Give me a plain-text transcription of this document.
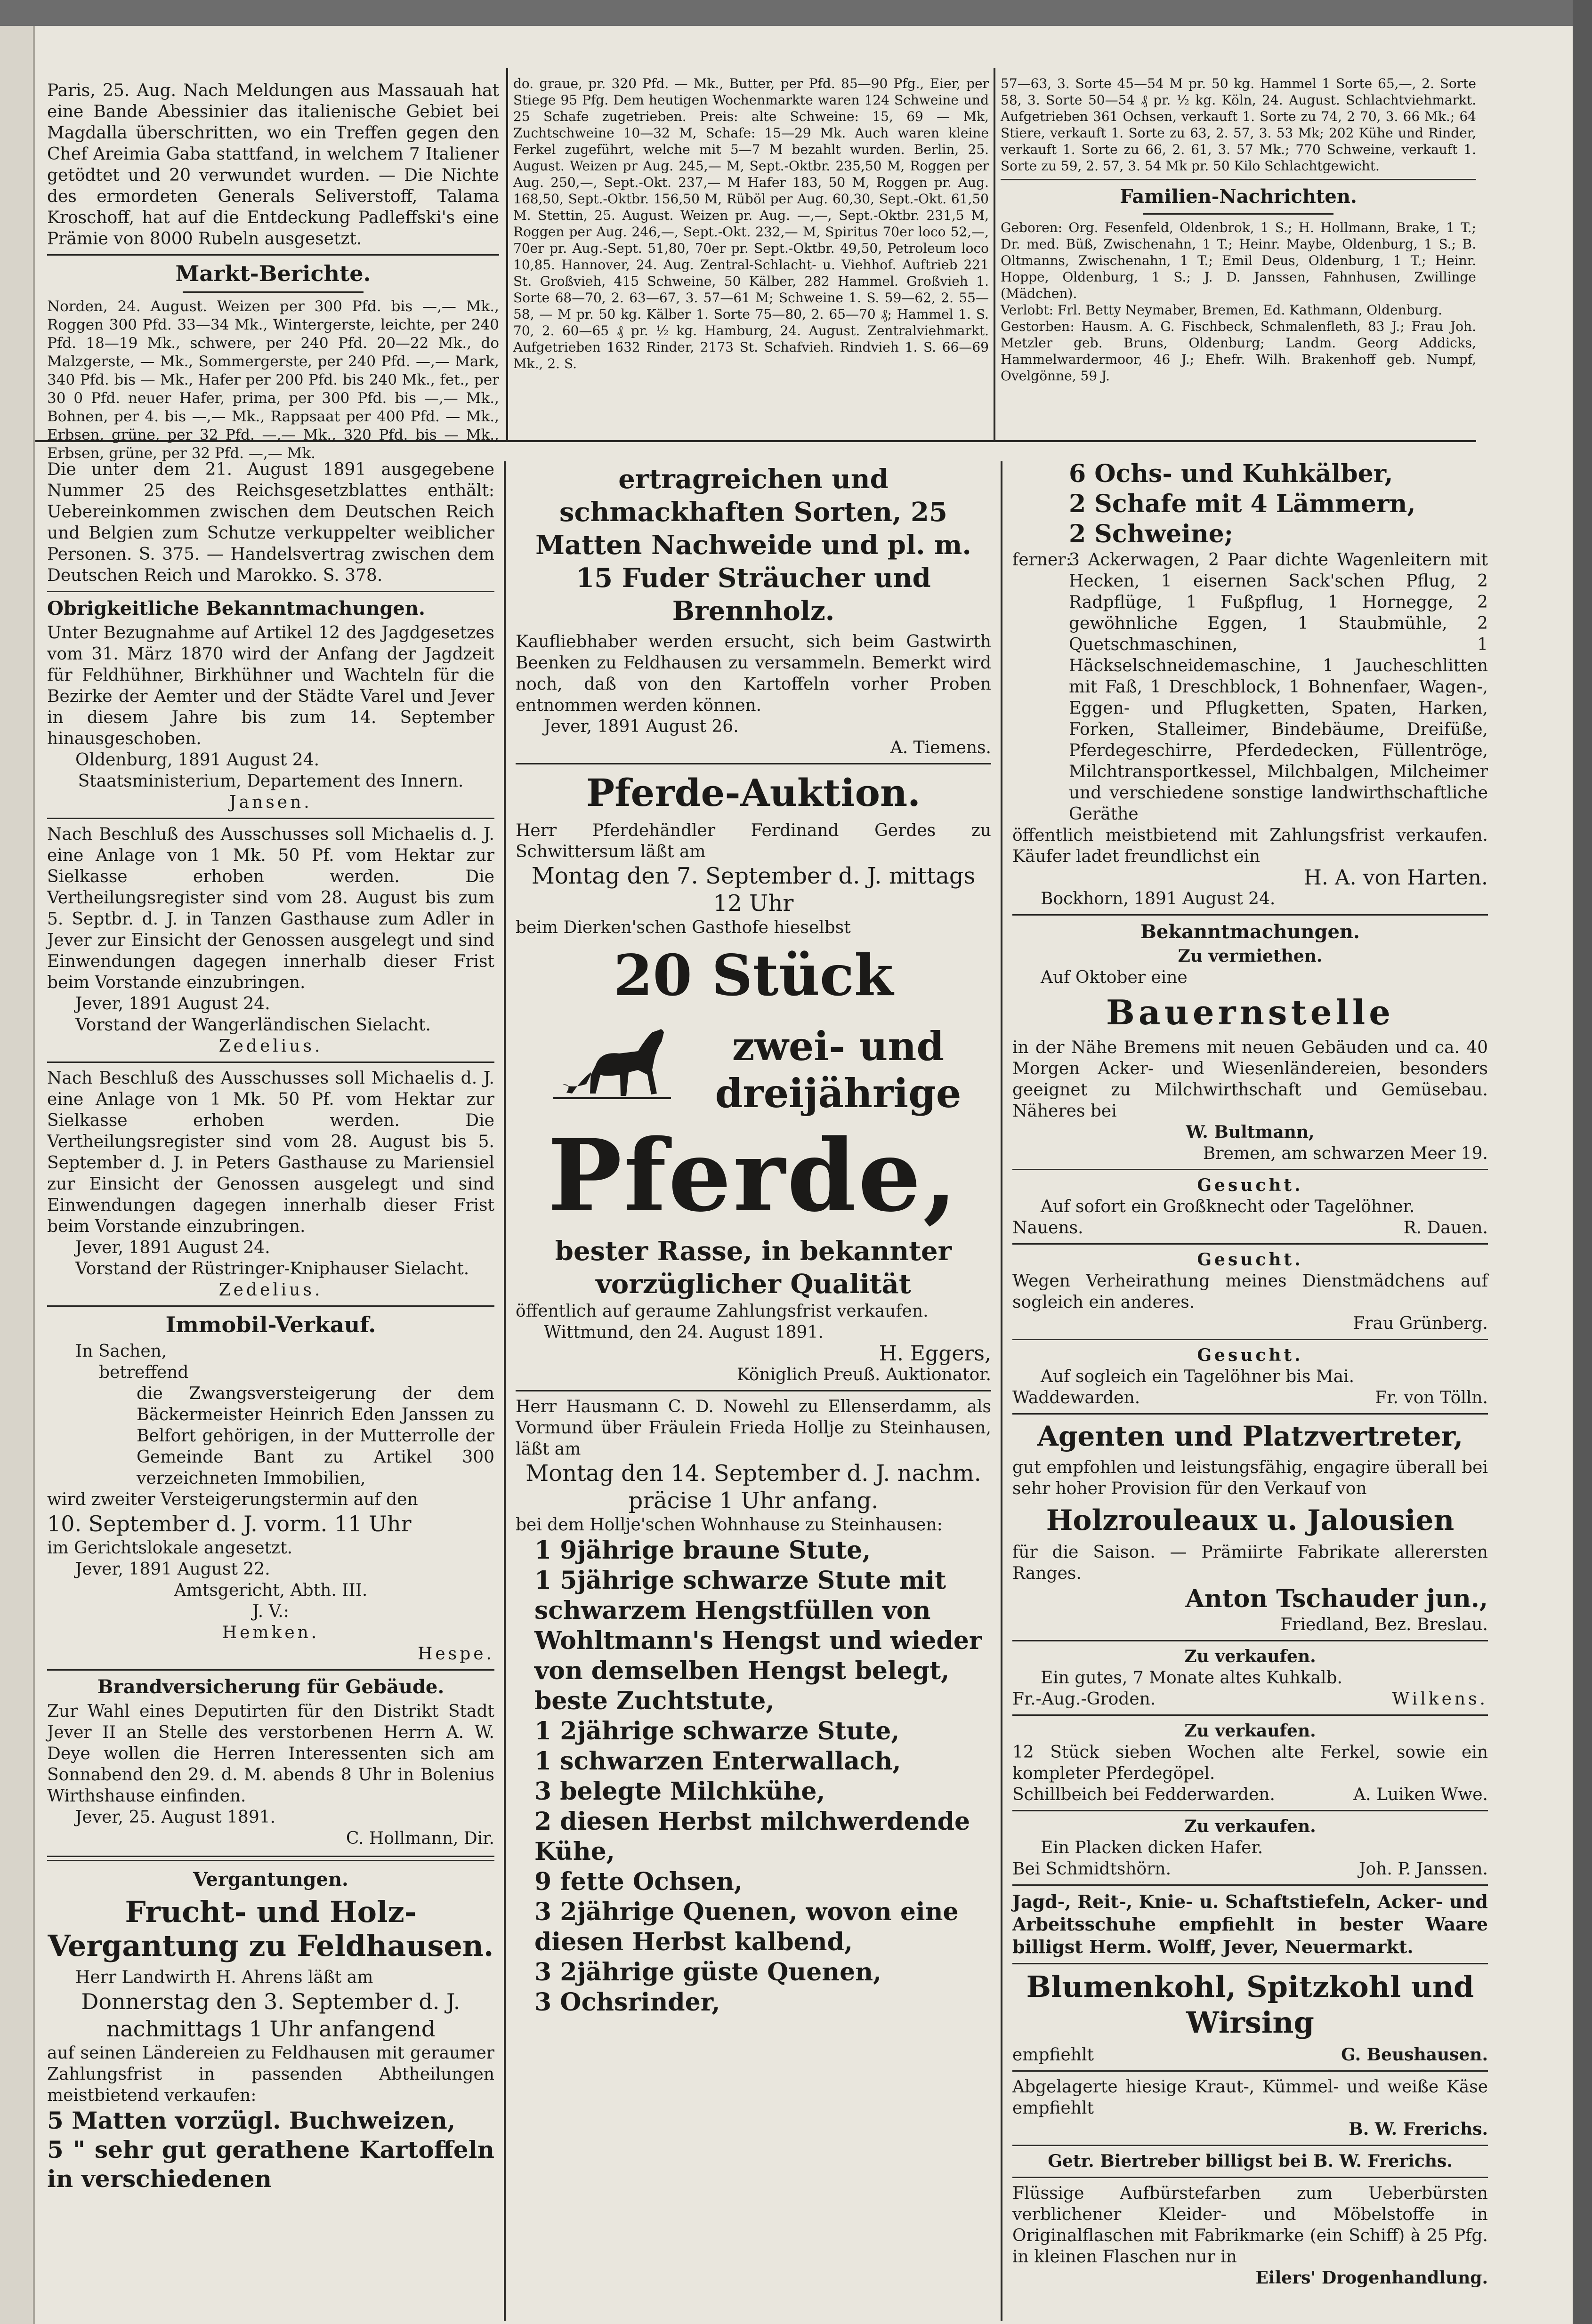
Paris, 25. Aug. Nach Meldungen aus Massauah hat eine Bande Abessinier das italienische Gebiet bei Magdalla überschritten, wo ein Treffen gegen den Chef Areimia Gaba stattfand, in welchem 7 Italiener getödtet und 20 verwundet wurden. — Die Nichte des ermordeten Generals Seliverstoff, Talama Kroschoff, hat auf die Entdeckung Padleffski's eine Prämie von 8000 Rubeln ausgesetzt.

Markt-Berichte.

Norden, 24. August. Weizen per 300 Pfd. bis —,— Mk., Roggen 300 Pfd. 33—34 Mk., Wintergerste, leichte, per 240 Pfd. 18—19 Mk., schwere, per 240 Pfd. 20—22 Mk., do Malzgerste, — Mk., Sommergerste, per 240 Pfd. —,— Mark, 340 Pfd. bis — Mk., Hafer per 200 Pfd. bis 240 Mk., fet., per 30 0 Pfd. neuer Hafer, prima, per 300 Pfd. bis —,— Mk., Bohnen, per 4. bis —,— Mk., Rappsaat per 400 Pfd. — Mk., Erbsen, grüne, per 32 Pfd. —,— Mk., 320 Pfd. bis — Mk., Erbsen, grüne, per 32 Pfd. —,— Mk.

do. graue, pr. 320 Pfd. — Mk., Butter, per Pfd. 85—90 Pfg., Eier, per Stiege 95 Pfg. Dem heutigen Wochenmarkte waren 124 Schweine und 25 Schafe zugetrieben. Preis: alte Schweine: 15, 69 — Mk, Zuchtschweine 10—32 M, Schafe: 15—29 Mk. Auch waren kleine Ferkel zugeführt, welche mit 5—7 M bezahlt wurden. Berlin, 25. August. Weizen pr Aug. 245,— M, Sept.-Oktbr. 235,50 M, Roggen per Aug. 250,—, Sept.-Okt. 237,— M Hafer 183, 50 M, Roggen pr. Aug. 168,50, Sept.-Oktbr. 156,50 M, Rüböl per Aug. 60,30, Sept.-Okt. 61,50 M. Stettin, 25. August. Weizen pr. Aug. —,—, Sept.-Oktbr. 231,5 M, Roggen per Aug. 246,—, Sept.-Okt. 232,— M, Spiritus 70er loco 52,—, 70er pr. Aug.-Sept. 51,80, 70er pr. Sept.-Oktbr. 49,50, Petroleum loco 10,85. Hannover, 24. Aug. Zentral-Schlacht- u. Viehhof. Auftrieb 221 St. Großvieh, 415 Schweine, 50 Kälber, 282 Hammel. Großvieh 1. Sorte 68—70, 2. 63—67, 3. 57—61 M; Schweine 1. S. 59—62, 2. 55—58, — M pr. 50 kg. Kälber 1. Sorte 75—80, 2. 65—70 ₰; Hammel 1. S. 70, 2. 60—65 ₰ pr. ½ kg. Hamburg, 24. August. Zentralviehmarkt. Aufgetrieben 1632 Rinder, 2173 St. Schafvieh. Rindvieh 1. S. 66—69 Mk., 2. S.

57—63, 3. Sorte 45—54 M pr. 50 kg. Hammel 1 Sorte 65,—, 2. Sorte 58, 3. Sorte 50—54 ₰ pr. ½ kg. Köln, 24. August. Schlachtviehmarkt. Aufgetrieben 361 Ochsen, verkauft 1. Sorte zu 74, 2 70, 3. 66 Mk.; 64 Stiere, verkauft 1. Sorte zu 63, 2. 57, 3. 53 Mk; 202 Kühe und Rinder, verkauft 1. Sorte zu 66, 2. 61, 3. 57 Mk.; 770 Schweine, verkauft 1. Sorte zu 59, 2. 57, 3. 54 Mk pr. 50 Kilo Schlachtgewicht.

Familien-Nachrichten.

Geboren: Org. Fesenfeld, Oldenbrok, 1 S.; H. Hollmann, Brake, 1 T.; Dr. med. Büß, Zwischenahn, 1 T.; Heinr. Maybe, Oldenburg, 1 S.; B. Oltmanns, Zwischenahn, 1 T.; Emil Deus, Oldenburg, 1 T.; Heinr. Hoppe, Oldenburg, 1 S.; J. D. Janssen, Fahnhusen, Zwillinge (Mädchen).

Verlobt: Frl. Betty Neymaber, Bremen, Ed. Kathmann, Oldenburg.

Gestorben: Hausm. A. G. Fischbeck, Schmalenfleth, 83 J.; Frau Joh. Metzler geb. Bruns, Oldenburg; Landm. Georg Addicks, Hammelwardermoor, 46 J.; Ehefr. Wilh. Brakenhoff geb. Numpf, Ovelgönne, 59 J.

Die unter dem 21. August 1891 ausgegebene Nummer 25 des Reichsgesetzblattes enthält: Uebereinkommen zwischen dem Deutschen Reich und Belgien zum Schutze verkuppelter weiblicher Personen. S. 375. — Handelsvertrag zwischen dem Deutschen Reich und Marokko. S. 378.

Obrigkeitliche Bekanntmachungen.

Unter Bezugnahme auf Artikel 12 des Jagdgesetzes vom 31. März 1870 wird der Anfang der Jagdzeit für Feldhühner, Birkhühner und Wachteln für die Bezirke der Aemter und der Städte Varel und Jever in diesem Jahre bis zum 14. September hinausgeschoben.

Oldenburg, 1891 August 24.

Staatsministerium, Departement des Innern.

Jansen.

Nach Beschluß des Ausschusses soll Michaelis d. J. eine Anlage von 1 Mk. 50 Pf. vom Hektar zur Sielkasse erhoben werden. Die Vertheilungsregister sind vom 28. August bis zum 5. Septbr. d. J. in Tanzen Gasthause zum Adler in Jever zur Einsicht der Genossen ausgelegt und sind Einwendungen dagegen innerhalb dieser Frist beim Vorstande einzubringen.

Jever, 1891 August 24.

Vorstand der Wangerländischen Sielacht.

Zedelius.

Nach Beschluß des Ausschusses soll Michaelis d. J. eine Anlage von 1 Mk. 50 Pf. vom Hektar zur Sielkasse erhoben werden. Die Vertheilungsregister sind vom 28. August bis 5. September d. J. in Peters Gasthause zu Mariensiel zur Einsicht der Genossen ausgelegt und sind Einwendungen dagegen innerhalb dieser Frist beim Vorstande einzubringen.

Jever, 1891 August 24.

Vorstand der Rüstringer-Kniphauser Sielacht.

Zedelius.

Immobil-Verkauf.

In Sachen,

betreffend

die Zwangsversteigerung der dem Bäckermeister Heinrich Eden Janssen zu Belfort gehörigen, in der Mutterrolle der Gemeinde Bant zu Artikel 300 verzeichneten Immobilien,

wird zweiter Versteigerungstermin auf den

10. September d. J. vorm. 11 Uhr

im Gerichtslokale angesetzt.

Jever, 1891 August 22.

Amtsgericht, Abth. III.

J. V.:

Hemken.

Hespe.

Brandversicherung für Gebäude.

Zur Wahl eines Deputirten für den Distrikt Stadt Jever II an Stelle des verstorbenen Herrn A. W. Deye wollen die Herren Interessenten sich am Sonnabend den 29. d. M. abends 8 Uhr in Bolenius Wirthshause einfinden.

Jever, 25. August 1891.

C. Hollmann, Dir.

Vergantungen.
Frucht- und Holz-Vergantung zu Feldhausen.

Herr Landwirth H. Ahrens läßt am

Donnerstag den 3. September d. J. nachmittags 1 Uhr anfangend

auf seinen Ländereien zu Feldhausen mit geraumer Zahlungsfrist in passenden Abtheilungen meistbietend verkaufen:

5 Matten vorzügl. Buchweizen,

5 " sehr gut gerathene Kartoffeln in verschiedenen

ertragreichen und schmackhaften Sorten, 25 Matten Nachweide und pl. m. 15 Fuder Sträucher und Brennholz.

Kaufliebhaber werden ersucht, sich beim Gastwirth Beenken zu Feldhausen zu versammeln. Bemerkt wird noch, daß von den Kartoffeln vorher Proben entnommen werden können.

Jever, 1891 August 26.

A. Tiemens.

Pferde-Auktion.

Herr Pferdehändler Ferdinand Gerdes zu Schwittersum läßt am

Montag den 7. September d. J. mittags 12 Uhr

beim Dierken'schen Gasthofe hieselbst

20 Stück
zwei- und dreijährige
Pferde,

bester Rasse, in bekannter vorzüglicher Qualität

öffentlich auf geraume Zahlungsfrist verkaufen.

Wittmund, den 24. August 1891.

H. Eggers,

Königlich Preuß. Auktionator.

Herr Hausmann C. D. Nowehl zu Ellenserdamm, als Vormund über Fräulein Frieda Hollje zu Steinhausen, läßt am

Montag den 14. September d. J. nachm. präcise 1 Uhr anfang.

bei dem Hollje'schen Wohnhause zu Steinhausen:

1 9jährige braune Stute,
1 5jährige schwarze Stute mit schwarzem Hengstfüllen von Wohltmann's Hengst und wieder von demselben Hengst belegt, beste Zuchtstute,
1 2jährige schwarze Stute,
1 schwarzen Enterwallach,
3 belegte Milchkühe,
2 diesen Herbst milchwerdende Kühe,
9 fette Ochsen,
3 2jährige Quenen, wovon eine diesen Herbst kalbend,
3 2jährige güste Quenen,
3 Ochsrinder,
6 Ochs- und Kuhkälber,
2 Schafe mit 4 Lämmern,
2 Schweine;

ferner:

3 Ackerwagen, 2 Paar dichte Wagenleitern mit Hecken, 1 eisernen Sack'schen Pflug, 2 Radpflüge, 1 Fußpflug, 1 Hornegge, 2 gewöhnliche Eggen, 1 Staubmühle, 2 Quetschmaschinen, 1 Häckselschneidemaschine, 1 Jaucheschlitten mit Faß, 1 Dreschblock, 1 Bohnenfaer, Wagen-, Eggen- und Pflugketten, Spaten, Harken, Forken, Stalleimer, Bindebäume, Dreifüße, Pferdegeschirre, Pferdedecken, Füllentröge, Milchtransportkessel, Milchbalgen, Milcheimer und verschiedene sonstige landwirthschaftliche Geräthe

öffentlich meistbietend mit Zahlungsfrist verkaufen. Käufer ladet freundlichst ein

H. A. von Harten.

Bockhorn, 1891 August 24.

Bekanntmachungen.

Zu vermiethen.

Auf Oktober eine

Bauernstelle

in der Nähe Bremens mit neuen Gebäuden und ca. 40 Morgen Acker- und Wiesenländereien, besonders geeignet zu Milchwirthschaft und Gemüsebau. Näheres bei

W. Bultmann,

Bremen, am schwarzen Meer 19.

Gesucht.

Auf sofort ein Großknecht oder Tagelöhner.

Nauens.	R. Dauen.

Gesucht.

Wegen Verheirathung meines Dienstmädchens auf sogleich ein anderes.

Frau Grünberg.

Gesucht.

Auf sogleich ein Tagelöhner bis Mai.

Waddewarden.	Fr. von Tölln.
Agenten und Platzvertreter,

gut empfohlen und leistungsfähig, engagire überall bei sehr hoher Provision für den Verkauf von

Holzrouleaux u. Jalousien

für die Saison. — Prämiirte Fabrikate allerersten Ranges.

Anton Tschauder jun.,

Friedland, Bez. Breslau.

Zu verkaufen.

Ein gutes, 7 Monate altes Kuhkalb.

Fr.-Aug.-Groden.	Wilkens.

Zu verkaufen.

12 Stück sieben Wochen alte Ferkel, sowie ein kompleter Pferdegöpel.

Schillbeich bei Fedderwarden.	A. Luiken Wwe.

Zu verkaufen.

Ein Placken dicken Hafer.

Bei Schmidtshörn.	Joh. P. Janssen.

Jagd-, Reit-, Knie- u. Schaftstiefeln, Acker- und Arbeitsschuhe empfiehlt in bester Waare billigst Herm. Wolff, Jever, Neuermarkt.

Blumenkohl, Spitzkohl und Wirsing
empfiehlt	G. Beushausen.

Abgelagerte hiesige Kraut-, Kümmel- und weiße Käse empfiehlt

B. W. Frerichs.

Getr. Biertreber billigst bei B. W. Frerichs.

Flüssige Aufbürstefarben zum Ueberbürsten verblichener Kleider- und Möbelstoffe in Originalflaschen mit Fabrikmarke (ein Schiff) à 25 Pfg. in kleinen Flaschen nur in

Eilers' Drogenhandlung.
